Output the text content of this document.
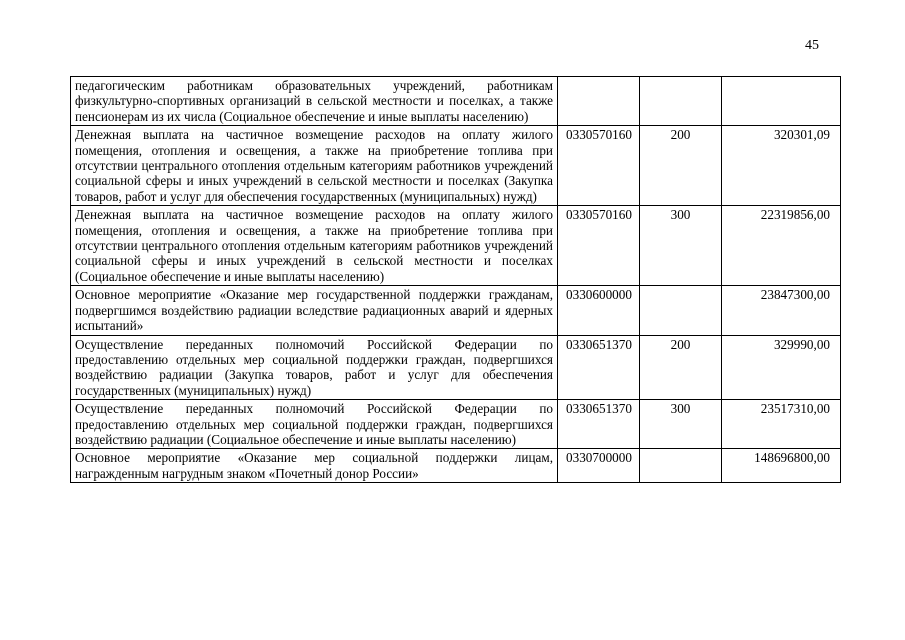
45
педагогическим работникам образовательных учреждений, работникам физкультурно-спортивных организаций в сельской местности и поселках, а также пенсионерам из их числа (Социальное обеспечение и иные выплаты населению)			
Денежная выплата на частичное возмещение расходов на оплату жилого помещения, отопления и освещения, а также на приобретение топлива при отсутствии центрального отопления отдельным категориям работников учреждений социальной сферы и иных учреждений в сельской местности и поселках (Закупка товаров, работ и услуг для обеспечения государственных (муниципальных) нужд)	0330570160	200	320301,09
Денежная выплата на частичное возмещение расходов на оплату жилого помещения, отопления и освещения, а также на приобретение топлива при отсутствии центрального отопления отдельным категориям работников учреждений социальной сферы и иных учреждений в сельской местности и поселках (Социальное обеспечение и иные выплаты населению)	0330570160	300	22319856,00
Основное мероприятие «Оказание мер государственной поддержки гражданам, подвергшимся воздействию радиации вследствие радиационных аварий и ядерных испытаний»	0330600000		23847300,00
Осуществление переданных полномочий Российской Федерации по предоставлению отдельных мер социальной поддержки граждан, подвергшихся воздействию радиации (Закупка товаров, работ и услуг для обеспечения государственных (муниципальных) нужд)	0330651370	200	329990,00
Осуществление переданных полномочий Российской Федерации по предоставлению отдельных мер социальной поддержки граждан, подвергшихся воздействию радиации (Социальное обеспечение и иные выплаты населению)	0330651370	300	23517310,00
Основное мероприятие «Оказание мер социальной поддержки лицам, награжденным нагрудным знаком «Почетный донор России»	0330700000		148696800,00
